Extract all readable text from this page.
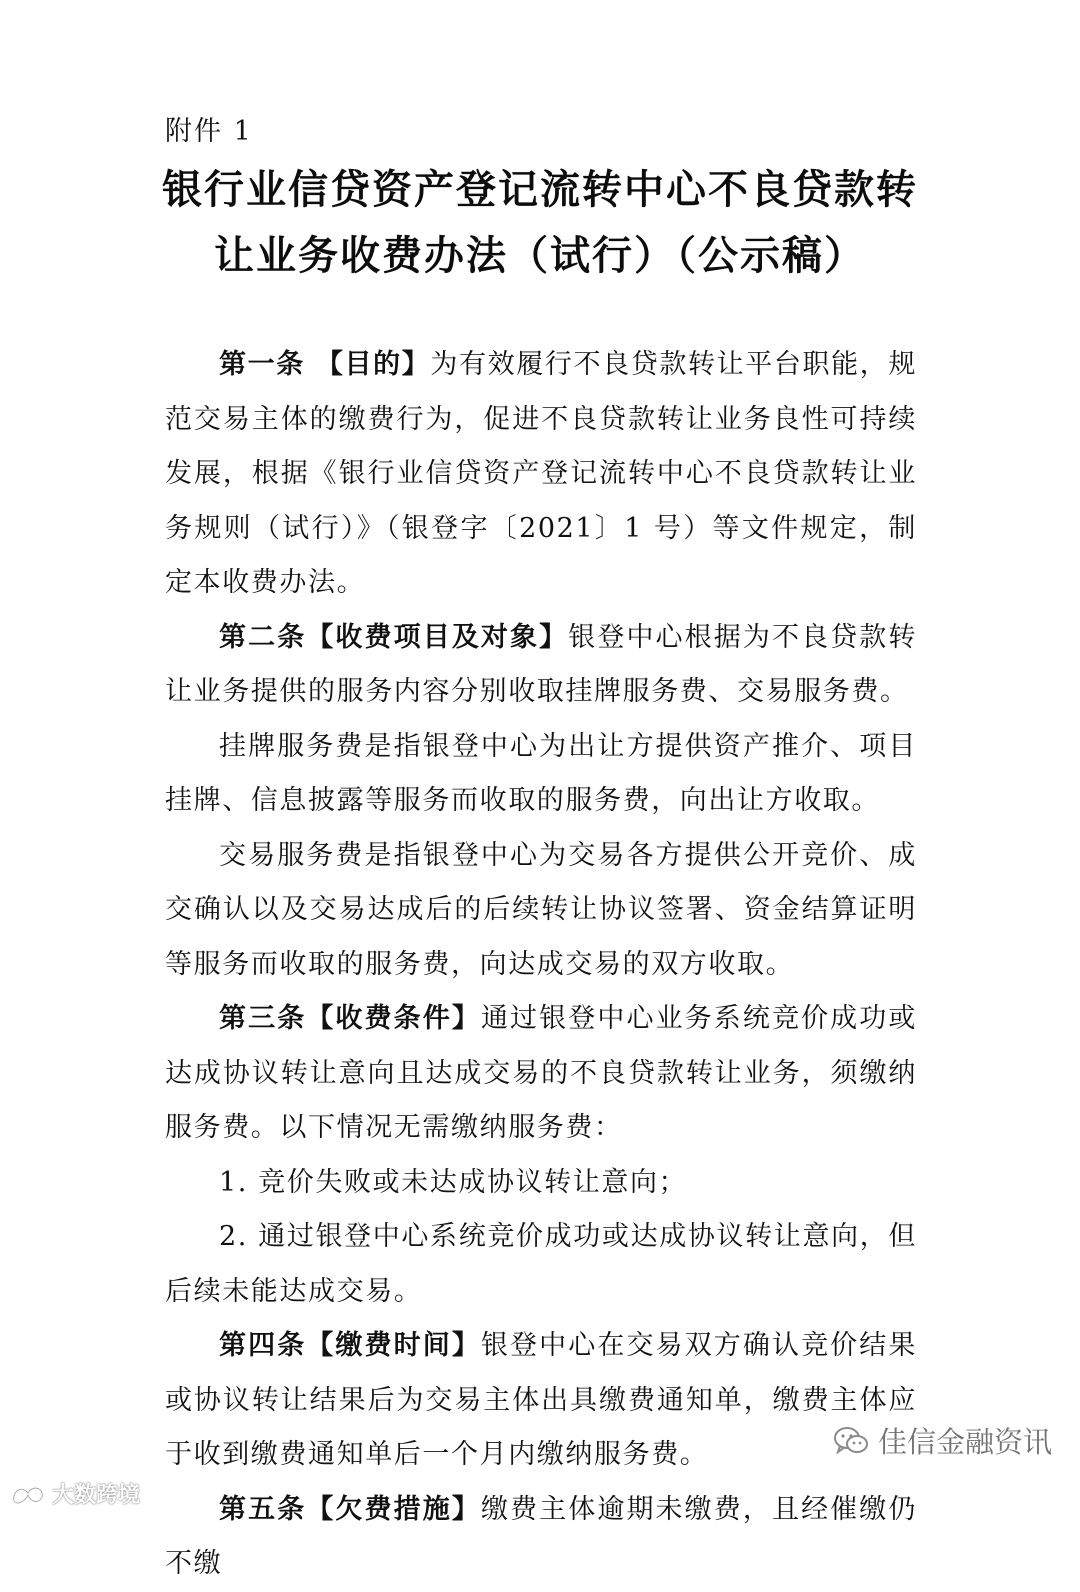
附件 1
银行业信贷资产登记流转中心不良贷款转
让业务收费办法（试行）（公示稿）

第一条 【目的】为有效履行不良贷款转让平台职能，规范交易主体的缴费行为，促进不良贷款转让业务良性可持续发展，根据《银行业信贷资产登记流转中心不良贷款转让业务规则（试行）》（银登字〔2021〕1 号）等文件规定，制定本收费办法。

第二条【收费项目及对象】银登中心根据为不良贷款转让业务提供的服务内容分别收取挂牌服务费、交易服务费。

挂牌服务费是指银登中心为出让方提供资产推介、项目挂牌、信息披露等服务而收取的服务费，向出让方收取。

交易服务费是指银登中心为交易各方提供公开竞价、成交确认以及交易达成后的后续转让协议签署、资金结算证明等服务而收取的服务费，向达成交易的双方收取。

第三条【收费条件】通过银登中心业务系统竞价成功或达成协议转让意向且达成交易的不良贷款转让业务，须缴纳服务费。以下情况无需缴纳服务费：

1. 竞价失败或未达成协议转让意向；

2. 通过银登中心系统竞价成功或达成协议转让意向，但后续未能达成交易。

第四条【缴费时间】银登中心在交易双方确认竞价结果或协议转让结果后为交易主体出具缴费通知单，缴费主体应于收到缴费通知单后一个月内缴纳服务费。

第五条【欠费措施】缴费主体逾期未缴费，且经催缴仍不缴

大数跨境
佳信金融资讯
